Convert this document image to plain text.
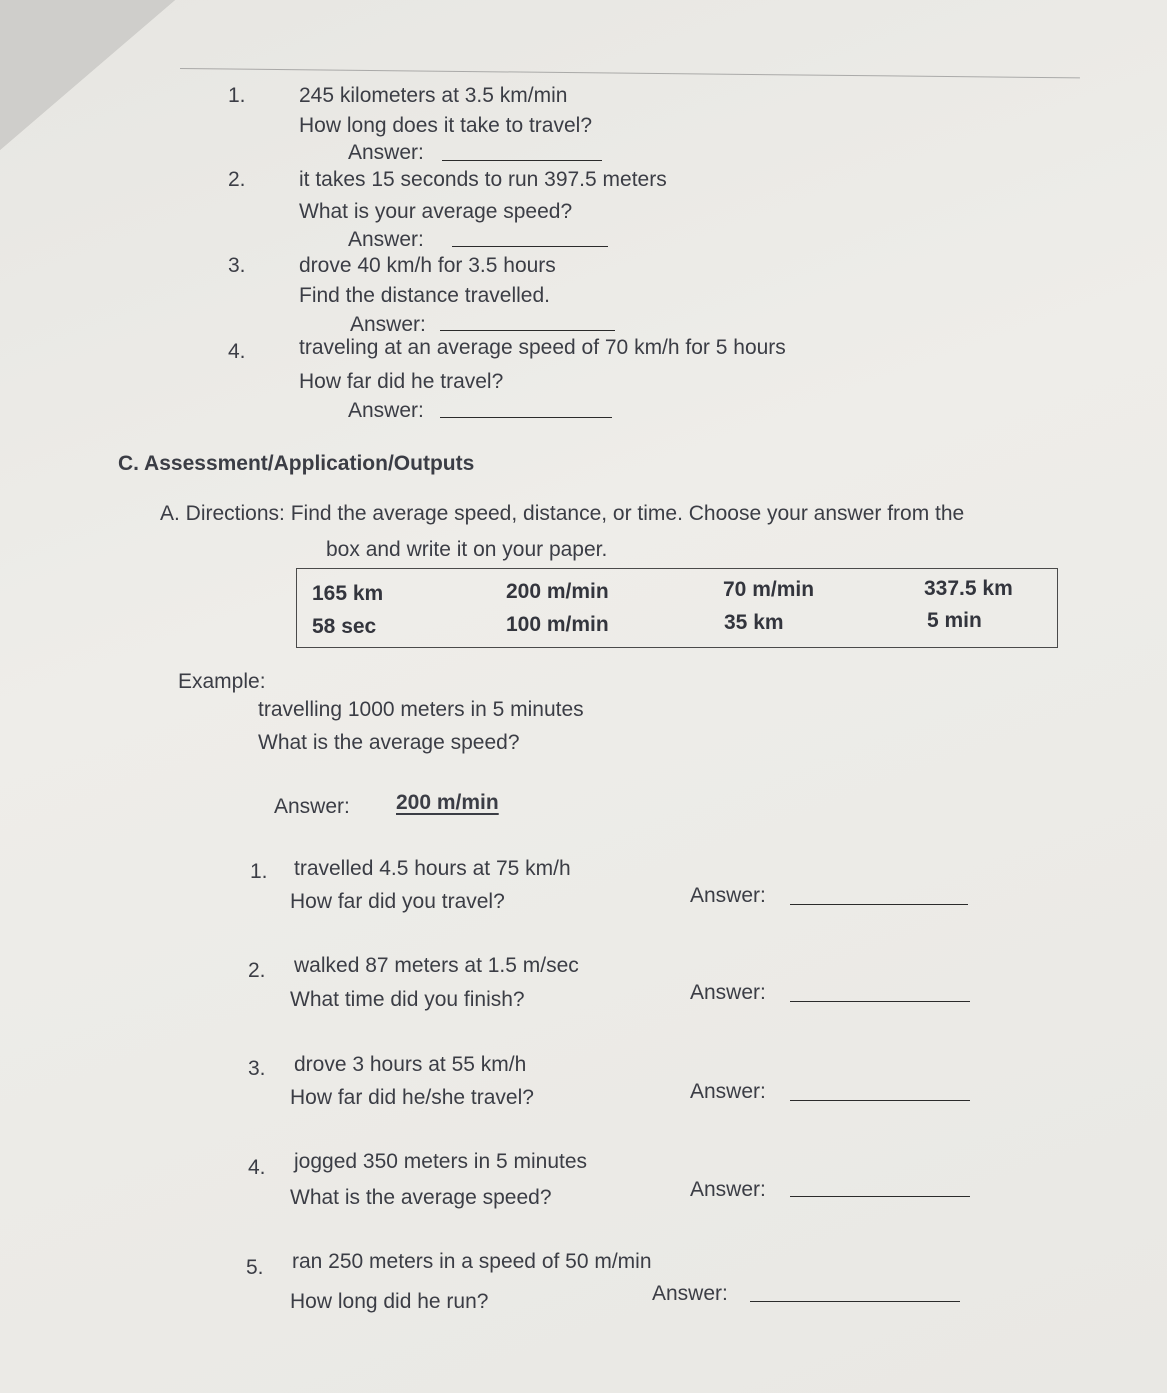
1.	245 kilometers at 3.5 km/min
How long does it take to travel?
Answer:
2.	it takes 15 seconds to run 397.5 meters
What is your average speed?
Answer:
3.	drove 40 km/h for 3.5 hours
Find the distance travelled.
Answer:
4.	traveling at an average speed of 70 km/h for 5 hours
How far did he travel?
Answer:
C. Assessment/Application/Outputs
A. Directions: Find the average speed, distance, or time. Choose your answer from the
box and write it on your paper.
165 km	200 m/min	70 m/min	337.5 km
58 sec	100 m/min	35 km	5 min
Example:
travelling 1000 meters in 5 minutes
What is the average speed?
Answer: 200 m/min
1. travelled 4.5 hours at 75 km/h
How far did you travel?	Answer:
2. walked 87 meters at 1.5 m/sec
What time did you finish?	Answer:
3. drove 3 hours at 55 km/h
How far did he/she travel?	Answer:
4. jogged 350 meters in 5 minutes
What is the average speed?	Answer:
5. ran 250 meters in a speed of 50 m/min
How long did he run?	Answer:
